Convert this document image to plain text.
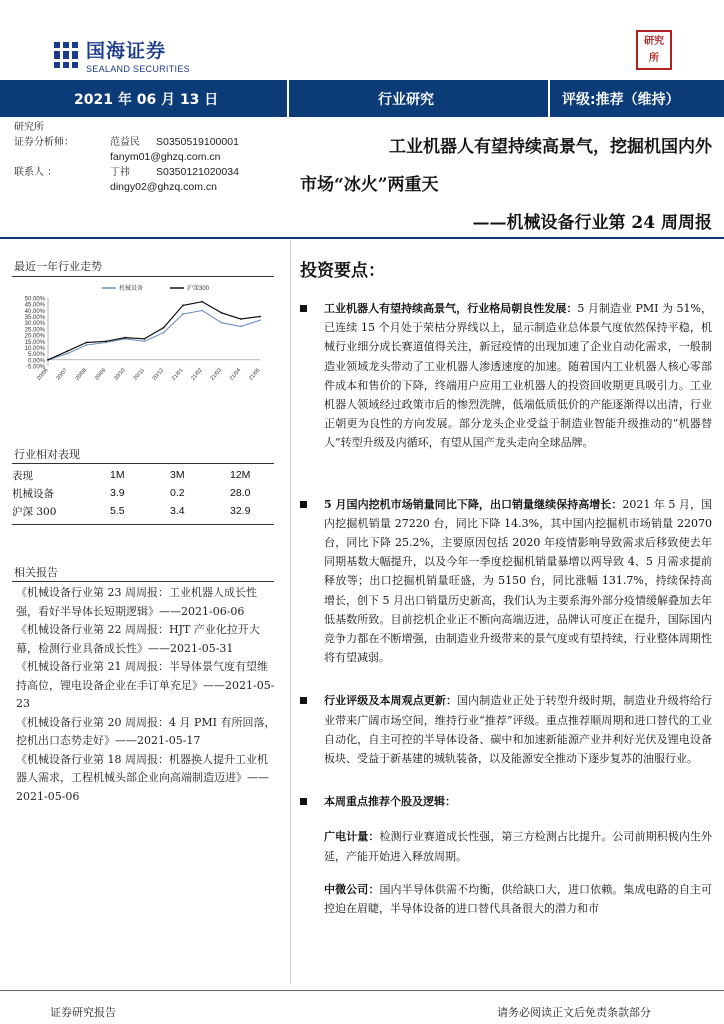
国海证券
SEALAND SECURITIES
研究
所
2021 年 06 月 13 日	行业研究	评级:推荐（维持）
研究所
证券分析师：	范益民	S0350519100001
fanym01@ghzq.com.cn
联系人 ：	丁祎	S0350121020034
dingy02@ghzq.com.cn
工业机器人有望持续高景气，挖掘机国内外
市场“冰火”两重天
——机械设备行业第 24 周周报
最近一年行业走势
-5.00%
0.00%
5.00%
10.00%
15.00%
20.00%
25.00%
30.00%
35.00%
40.00%
45.00%
50.00%
20/06 20/07 20/08 20/09 20/10 20/11 20/12 21/01 21/02 21/03 21/04 21/05
机械设备	沪深300
行业相对表现
表现	1M	3M	12M
机械设备	3.9	0.2	28.0
沪深 300	5.5	3.4	32.9
相关报告
《机械设备行业第 23 周周报：工业机器人成长性强，看好半导体长短期逻辑》——2021-06-06
《机械设备行业第 22 周周报：HJT 产业化拉开大幕，检测行业具备成长性》——2021-05-31
《机械设备行业第 21 周周报：半导体景气度有望维持高位，锂电设备企业在手订单充足》——2021-05-23
《机械设备行业第 20 周周报：4 月 PMI 有所回落，挖机出口态势走好》——2021-05-17
《机械设备行业第 18 周周报：机器换人提升工业机器人需求，工程机械头部企业向高端制造迈进》——2021-05-06
投资要点：
工业机器人有望持续高景气，行业格局朝良性发展：5 月制造业 PMI 为 51%，已连续 15 个月处于荣枯分界线以上，显示制造业总体景气度依然保持平稳，机械行业细分成长赛道值得关注，新冠疫情的出现加速了企业自动化需求，一般制造业领域龙头带动了工业机器人渗透速度的加速。随着国内工业机器人核心零部件成本和售价的下降，终端用户应用工业机器人的投资回收期更具吸引力。工业机器人领域经过政策市后的惨烈洗牌，低端低质低价的产能逐渐得以出清，行业正朝更为良性的方向发展。部分龙头企业受益于制造业智能升级推动的“机器替人”转型升级及内循环，有望从国产龙头走向全球品牌。
5 月国内挖机市场销量同比下降，出口销量继续保持高增长：2021 年 5 月，国内挖掘机销量 27220 台，同比下降 14.3%，其中国内挖掘机市场销量 22070 台，同比下降 25.2%，主要原因包括 2020 年疫情影响导致需求后移致使去年同期基数大幅提升，以及今年一季度挖掘机销量暴增以两导致 4、5 月需求提前释放等；出口挖掘机销量旺盛，为 5150 台，同比涨幅 131.7%，持续保持高增长，创下 5 月出口销量历史新高，我们认为主要系海外部分疫情缓解叠加去年低基数所致。目前挖机企业正不断向高端迈进，品牌认可度正在提升，国际国内竞争力都在不断增强，由制造业升级带来的景气度或有望持续，行业整体周期性将有望减弱。
行业评级及本周观点更新：国内制造业正处于转型升级时期，制造业升级将给行业带来广阔市场空间，维持行业“推荐”评级。重点推荐顺周期和进口替代的工业自动化，自主可控的半导体设备、碳中和加速新能源产业并利好光伏及锂电设备板块、受益于新基建的城轨装备，以及能源安全推动下逐步复苏的油服行业。
本周重点推荐个股及逻辑：
广电计量：检测行业赛道成长性强，第三方检测占比提升。公司前期积极内生外延，产能开始进入释放周期。
中微公司：国内半导体供需不均衡，供给缺口大，进口依赖。集成电路的自主可控迫在眉睫，半导体设备的进口替代具备很大的潜力和市
证券研究报告	请务必阅读正文后免责条款部分
